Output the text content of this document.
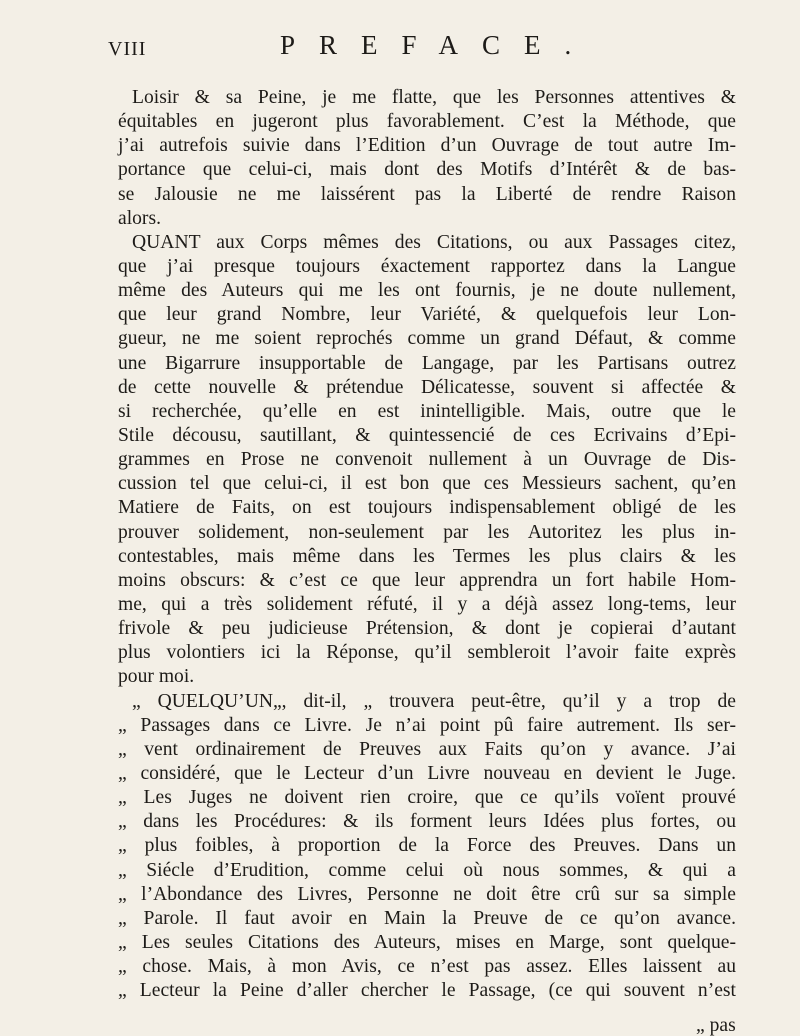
VIII	PREFACE.
Loisir & sa Peine, je me flatte, que les Personnes attentives &
équitables en jugeront plus favorablement. C’est la Méthode, que
j’ai autrefois suivie dans l’Edition d’un Ouvrage de tout autre Im-
portance que celui-ci, mais dont des Motifs d’Intérêt & de bas-
se Jalousie ne me laissérent pas la Liberté de rendre Raison
alors.
QUANT aux Corps mêmes des Citations, ou aux Passages citez,
que j’ai presque toujours éxactement rapportez dans la Langue
même des Auteurs qui me les ont fournis, je ne doute nullement,
que leur grand Nombre, leur Variété, & quelquefois leur Lon-
gueur, ne me soient reprochés comme un grand Défaut, & comme
une Bigarrure insupportable de Langage, par les Partisans outrez
de cette nouvelle & prétendue Délicatesse, souvent si affectée &
si recherchée, qu’elle en est inintelligible. Mais, outre que le
Stile décousu, sautillant, & quintessencié de ces Ecrivains d’Epi-
grammes en Prose ne convenoit nullement à un Ouvrage de Dis-
cussion tel que celui-ci, il est bon que ces Messieurs sachent, qu’en
Matiere de Faits, on est toujours indispensablement obligé de les
prouver solidement, non-seulement par les Autoritez les plus in-
contestables, mais même dans les Termes les plus clairs & les
moins obscurs: & c’est ce que leur apprendra un fort habile Hom-
me, qui a très solidement réfuté, il y a déjà assez long-tems, leur
frivole & peu judicieuse Prétension, & dont je copierai d’autant
plus volontiers ici la Réponse, qu’il sembleroit l’avoir faite exprès
pour moi.
„ QUELQU’UN„, dit-il, „ trouvera peut-être, qu’il y a trop de
„ Passages dans ce Livre. Je n’ai point pû faire autrement. Ils ser-
„ vent ordinairement de Preuves aux Faits qu’on y avance. J’ai
„ considéré, que le Lecteur d’un Livre nouveau en devient le Juge.
„ Les Juges ne doivent rien croire, que ce qu’ils voïent prouvé
„ dans les Procédures: & ils forment leurs Idées plus fortes, ou
„ plus foibles, à proportion de la Force des Preuves. Dans un
„ Siécle d’Erudition, comme celui où nous sommes, & qui a
„ l’Abondance des Livres, Personne ne doit être crû sur sa simple
„ Parole. Il faut avoir en Main la Preuve de ce qu’on avance.
„ Les seules Citations des Auteurs, mises en Marge, sont quelque-
„ chose. Mais, à mon Avis, ce n’est pas assez. Elles laissent au
„ Lecteur la Peine d’aller chercher le Passage, (ce qui souvent n’est
„ pas
